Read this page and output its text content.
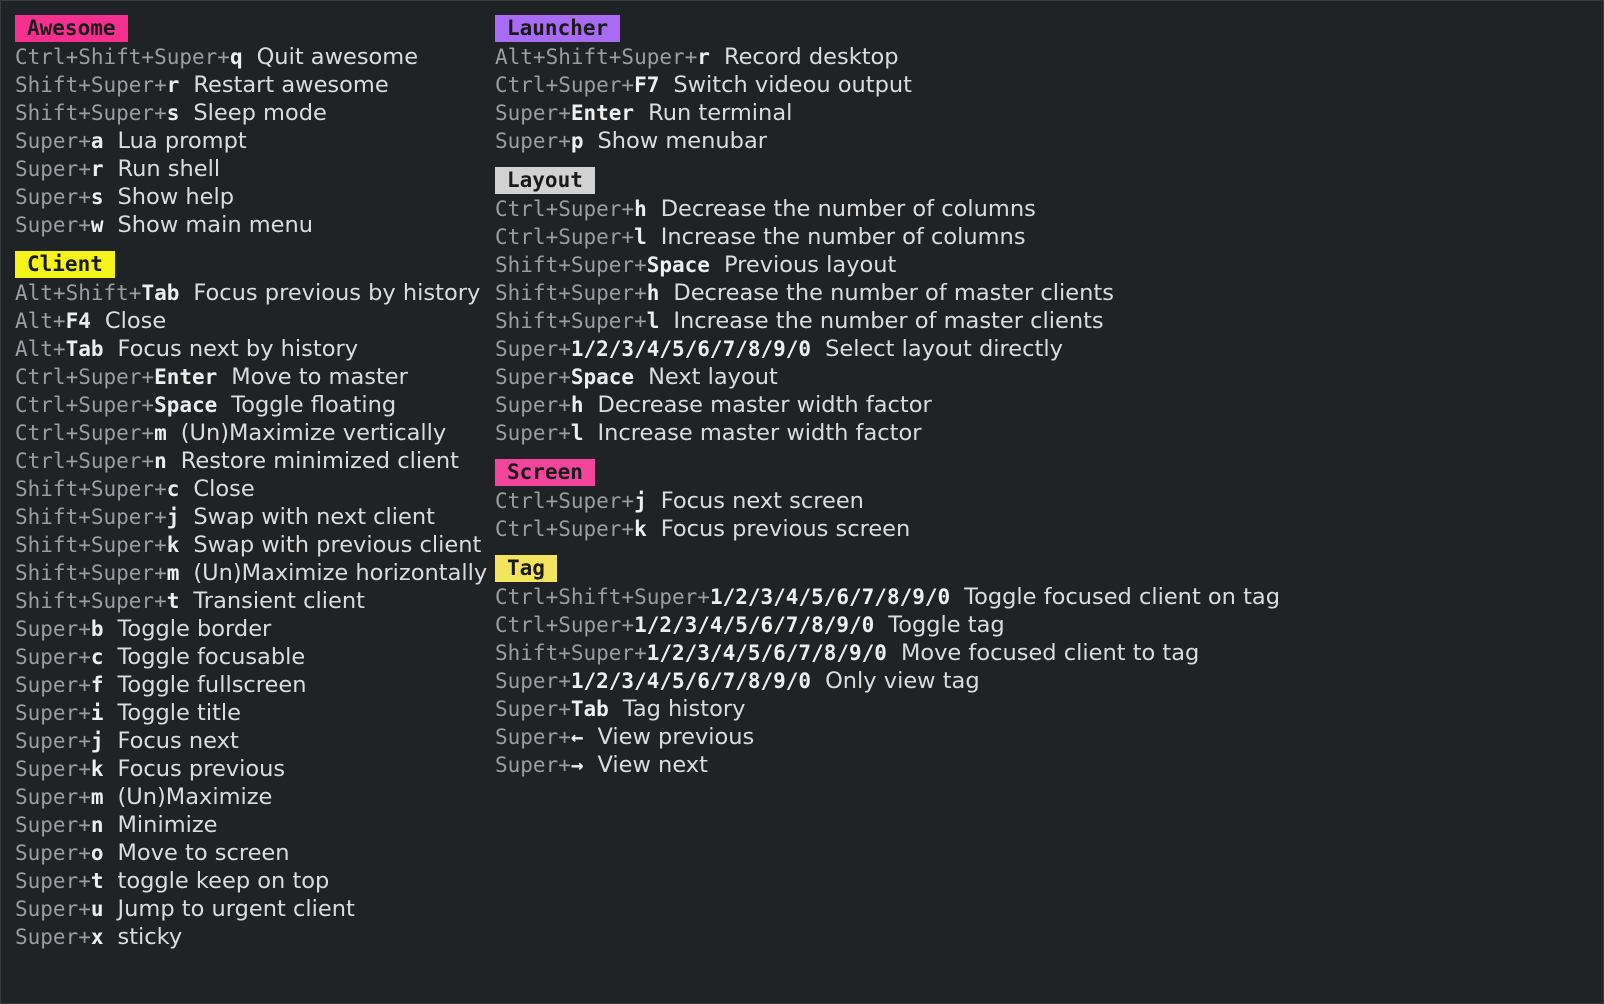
Awesome
Ctrl+Shift+Super+q Quit awesome
Shift+Super+r Restart awesome
Shift+Super+s Sleep mode
Super+a Lua prompt
Super+r Run shell
Super+s Show help
Super+w Show main menu
Client
Alt+Shift+Tab Focus previous by history
Alt+F4 Close
Alt+Tab Focus next by history
Ctrl+Super+Enter Move to master
Ctrl+Super+Space Toggle floating
Ctrl+Super+m (Un)Maximize vertically
Ctrl+Super+n Restore minimized client
Shift+Super+c Close
Shift+Super+j Swap with next client
Shift+Super+k Swap with previous client
Shift+Super+m (Un)Maximize horizontally
Shift+Super+t Transient client
Super+b Toggle border
Super+c Toggle focusable
Super+f Toggle fullscreen
Super+i Toggle title
Super+j Focus next
Super+k Focus previous
Super+m (Un)Maximize
Super+n Minimize
Super+o Move to screen
Super+t toggle keep on top
Super+u Jump to urgent client
Super+x sticky
Launcher
Alt+Shift+Super+r Record desktop
Ctrl+Super+F7 Switch videou output
Super+Enter Run terminal
Super+p Show menubar
Layout
Ctrl+Super+h Decrease the number of columns
Ctrl+Super+l Increase the number of columns
Shift+Super+Space Previous layout
Shift+Super+h Decrease the number of master clients
Shift+Super+l Increase the number of master clients
Super+1/2/3/4/5/6/7/8/9/0 Select layout directly
Super+Space Next layout
Super+h Decrease master width factor
Super+l Increase master width factor
Screen
Ctrl+Super+j Focus next screen
Ctrl+Super+k Focus previous screen
Tag
Ctrl+Shift+Super+1/2/3/4/5/6/7/8/9/0 Toggle focused client on tag
Ctrl+Super+1/2/3/4/5/6/7/8/9/0 Toggle tag
Shift+Super+1/2/3/4/5/6/7/8/9/0 Move focused client to tag
Super+1/2/3/4/5/6/7/8/9/0 Only view tag
Super+Tab Tag history
Super+← View previous
Super+→ View next
